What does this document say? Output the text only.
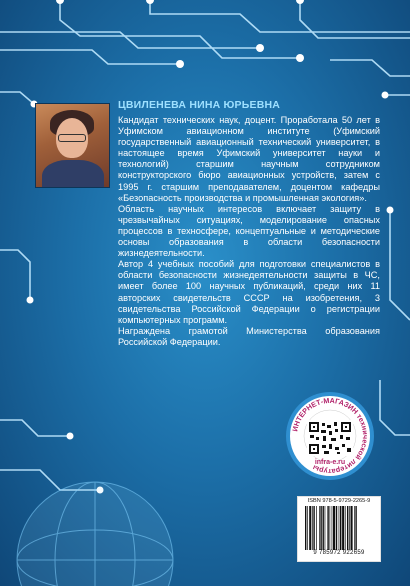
ЦВИЛЕНЕВА НИНА ЮРЬЕВНА

Кандидат технических наук, доцент. Проработала 50 лет в Уфимском авиационном институте (Уфимский государственный авиационный технический университет, в настоящее время Уфимский университет науки и технологий) старшим научным сотрудником конструкторского бюро авиационных устройств, затем с 1995 г. старшим преподавателем, доцентом кафедры «Безопасность производства и промышленная экология».

Область научных интересов включает защиту в чрезвычайных ситуациях, моделирование опасных процессов в техносфере, концептуальные и методические основы образования в области безопасности жизнедеятельности.

Автор 4 учебных пособий для подготовки специалистов в области безопасности жизнедеятельности защиты в ЧС, имеет более 100 научных публикаций, среди них 11 авторских свидетельств СССР на изобретения, 3 свидетельства Российской Федерации о регистрации компьютерных программ.

Награждена грамотой Министерства образования Российской Федерации.

ИНТЕРНЕТ-МАГАЗИН технической литературы
infra-e.ru
ISBN 978-5-9729-2265-9
9 785972 922659
